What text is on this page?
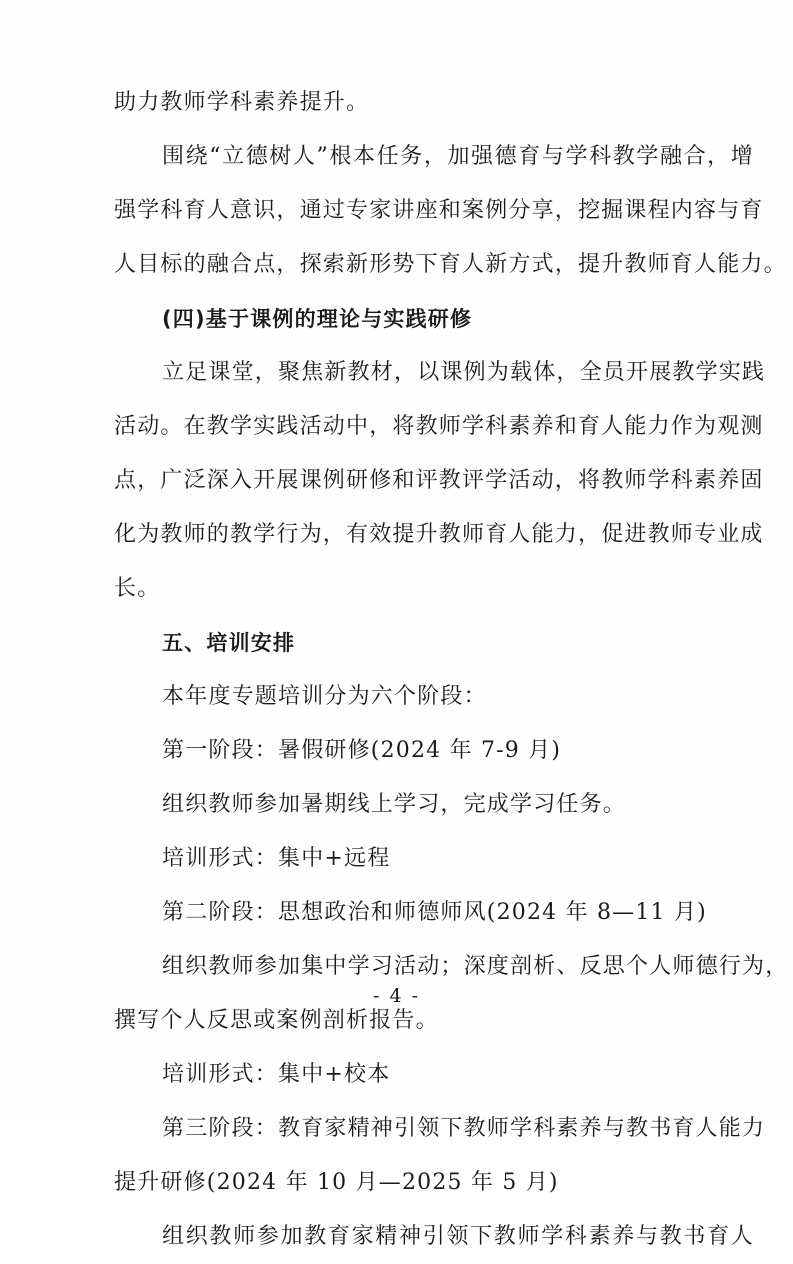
助力教师学科素养提升。
围绕“立德树人”根本任务，加强德育与学科教学融合，增
强学科育人意识，通过专家讲座和案例分享，挖掘课程内容与育
人目标的融合点，探索新形势下育人新方式，提升教师育人能力。
(四)基于课例的理论与实践研修
立足课堂，聚焦新教材，以课例为载体，全员开展教学实践
活动。在教学实践活动中，将教师学科素养和育人能力作为观测
点，广泛深入开展课例研修和评教评学活动，将教师学科素养固
化为教师的教学行为，有效提升教师育人能力，促进教师专业成
长。
五、培训安排
本年度专题培训分为六个阶段：
第一阶段：暑假研修(2024 年 7-9 月)
组织教师参加暑期线上学习，完成学习任务。
培训形式：集中+远程
第二阶段：思想政治和师德师风(2024 年 8—11 月)
组织教师参加集中学习活动；深度剖析、反思个人师德行为，
撰写个人反思或案例剖析报告。
培训形式：集中+校本
第三阶段：教育家精神引领下教师学科素养与教书育人能力
提升研修(2024 年 10 月—2025 年 5 月)
组织教师参加教育家精神引领下教师学科素养与教书育人
- 4 -
